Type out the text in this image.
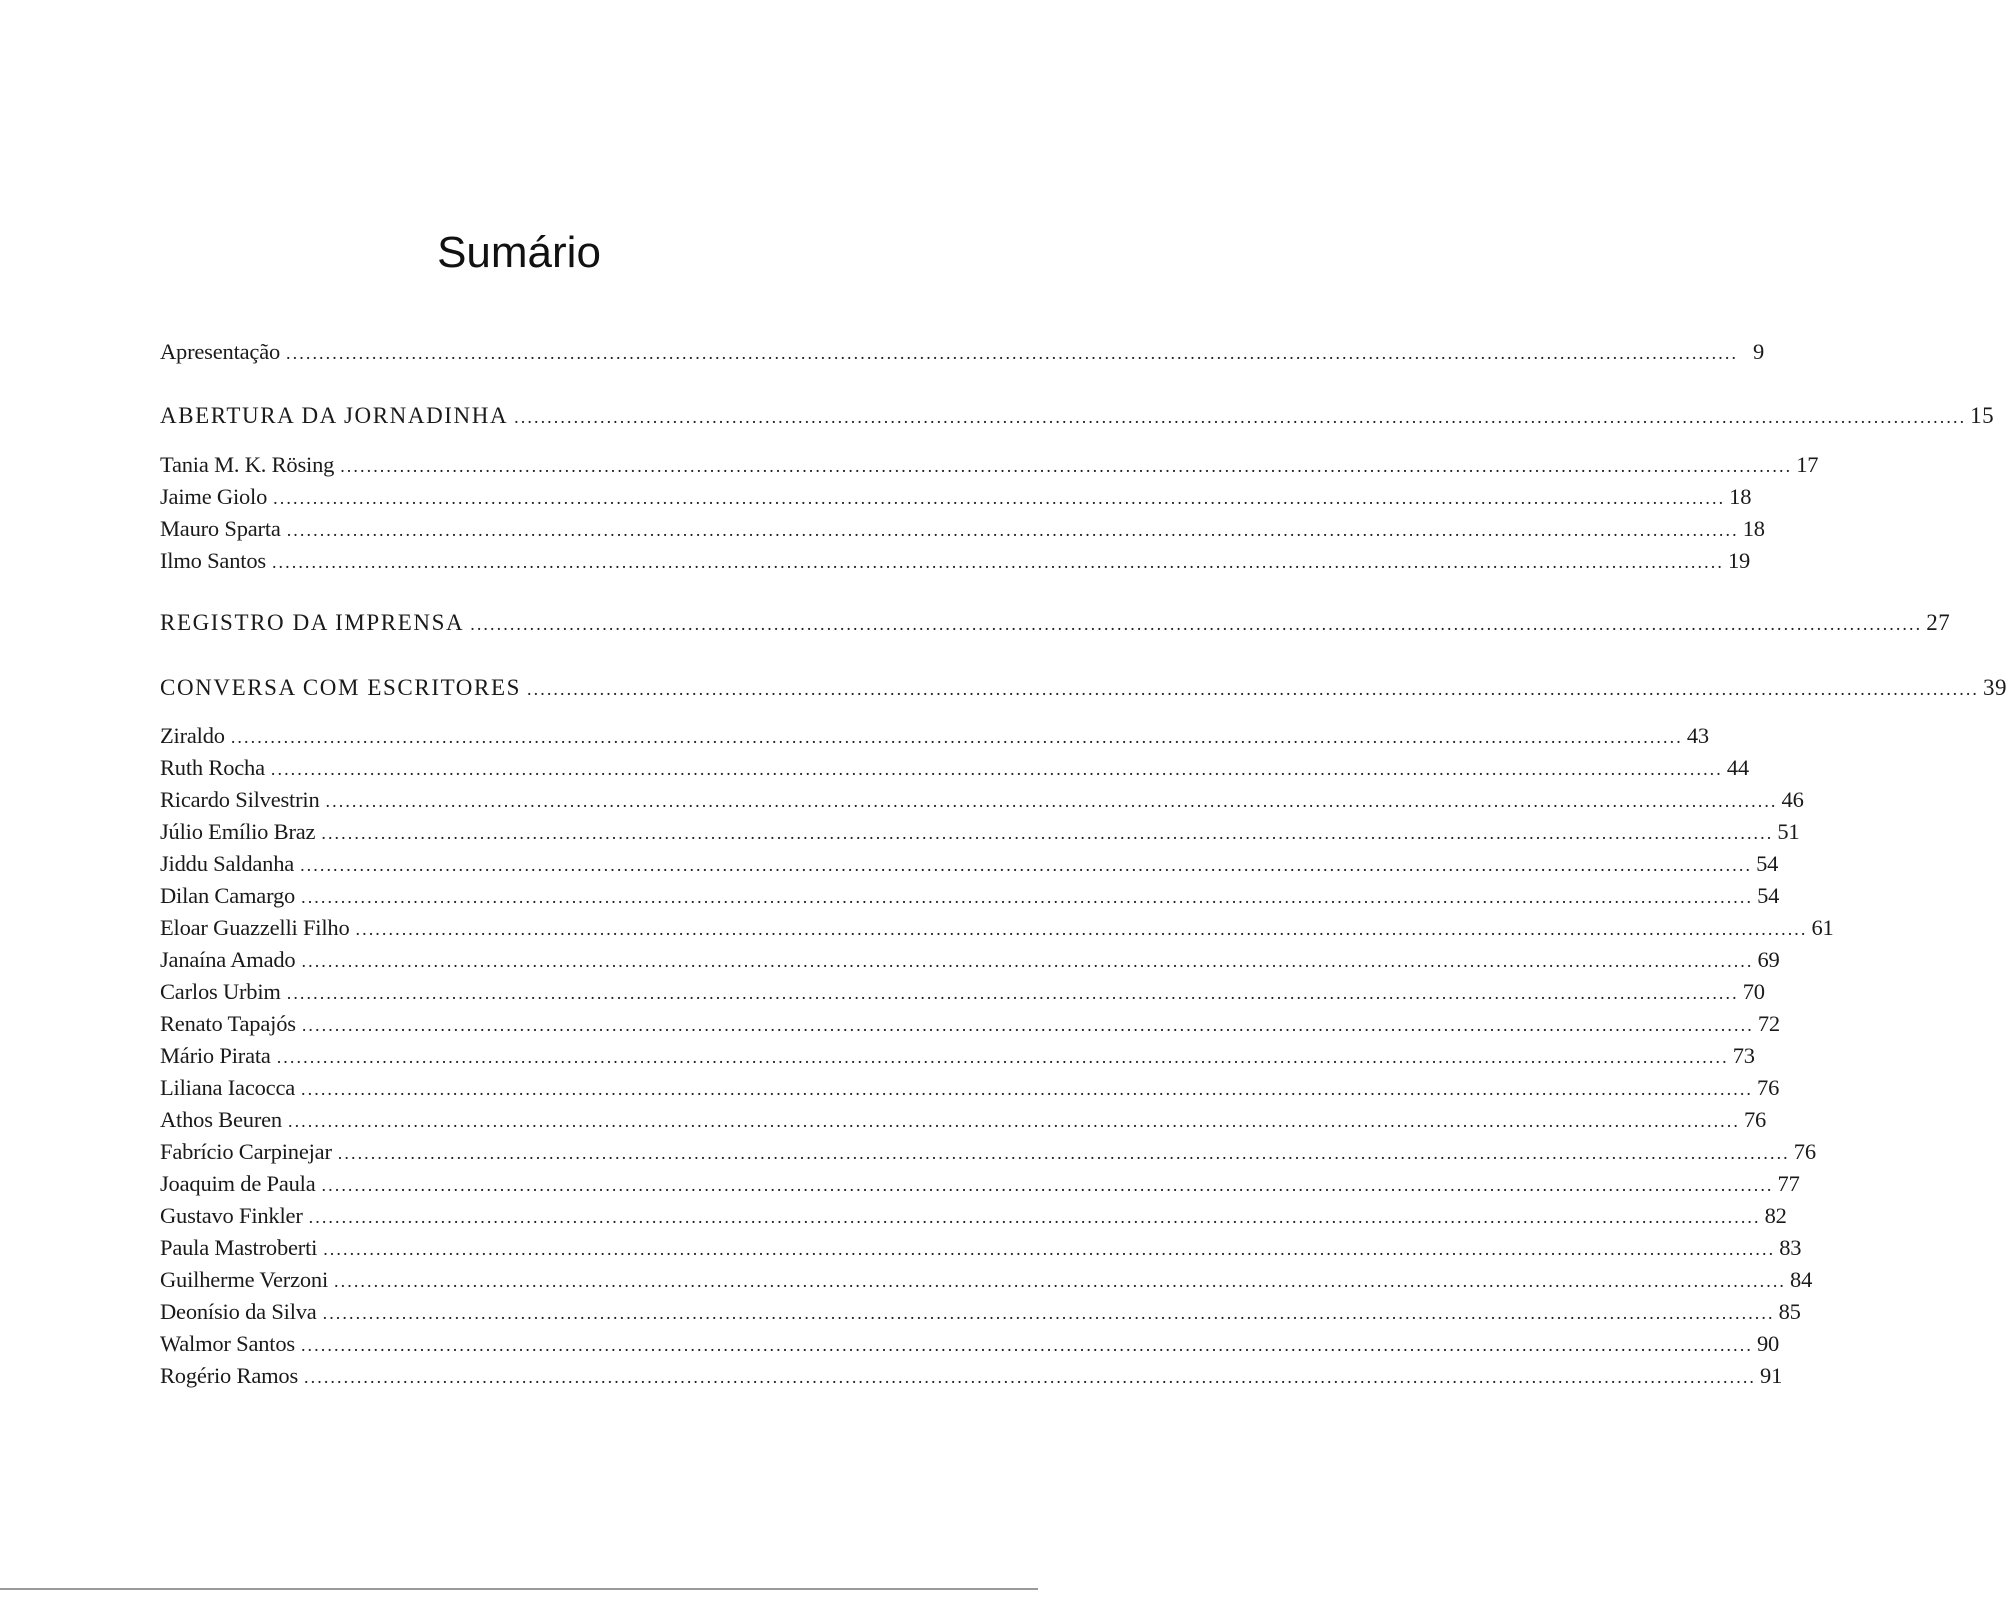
Sumário
Apresentação ............................................................................................................................................................................................................................ 9
ABERTURA DA JORNADINHA ............................................................................................................................................................................................................................ 15
Tania M. K. Rösing ............................................................................................................................................................................................................................ 17
Jaime Giolo ............................................................................................................................................................................................................................ 18
Mauro Sparta ............................................................................................................................................................................................................................ 18
Ilmo Santos ............................................................................................................................................................................................................................ 19
REGISTRO DA IMPRENSA ............................................................................................................................................................................................................................ 27
CONVERSA COM ESCRITORES ............................................................................................................................................................................................................................ 39
Ziraldo ............................................................................................................................................................................................................................ 43
Ruth Rocha ............................................................................................................................................................................................................................ 44
Ricardo Silvestrin ............................................................................................................................................................................................................................ 46
Júlio Emílio Braz ............................................................................................................................................................................................................................ 51
Jiddu Saldanha ............................................................................................................................................................................................................................ 54
Dilan Camargo ............................................................................................................................................................................................................................ 54
Eloar Guazzelli Filho ............................................................................................................................................................................................................................ 61
Janaína Amado ............................................................................................................................................................................................................................ 69
Carlos Urbim ............................................................................................................................................................................................................................ 70
Renato Tapajós ............................................................................................................................................................................................................................ 72
Mário Pirata ............................................................................................................................................................................................................................ 73
Liliana Iacocca ............................................................................................................................................................................................................................ 76
Athos Beuren ............................................................................................................................................................................................................................ 76
Fabrício Carpinejar ............................................................................................................................................................................................................................ 76
Joaquim de Paula ............................................................................................................................................................................................................................ 77
Gustavo Finkler ............................................................................................................................................................................................................................ 82
Paula Mastroberti ............................................................................................................................................................................................................................ 83
Guilherme Verzoni ............................................................................................................................................................................................................................ 84
Deonísio da Silva ............................................................................................................................................................................................................................ 85
Walmor Santos ............................................................................................................................................................................................................................ 90
Rogério Ramos ............................................................................................................................................................................................................................ 91
